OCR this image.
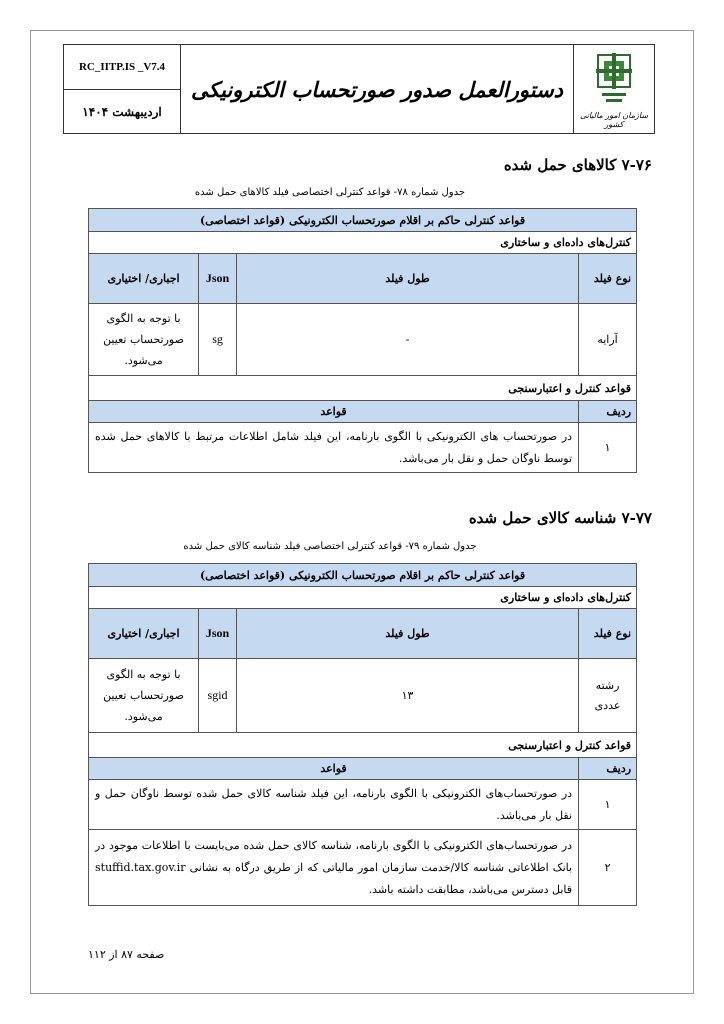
RC_IITP.IS _V7.4
اردیبهشت ۱۴۰۴
دستورالعمل صدور صورتحساب الکترونیکی
سازمان امور مالیاتی کشور
۷-۷۶ کالاهای حمل شده
جدول شماره ۷۸- قواعد کنترلی اختصاصی فیلد کالاهای حمل شده
قواعد کنترلی حاکم بر اقلام صورتحساب الکترونیکی (قواعد اختصاصی)			
کنترل‌های داده‌ای و ساختاری			
نوع فیلد	طول فیلد	Json	اجباری/ اختیاری
آرایه	-	sg	با توجه به الگوی صورتحساب تعیین می‌شود.
قواعد کنترل و اعتبارسنجی			
ردیف	قواعد		
۱	در صورتحساب های الکترونیکی با الگوی بارنامه، این فیلد شامل اطلاعات مرتبط با کالاهای حمل شده توسط ناوگان حمل و نقل بار می‌باشد.		
۷-۷۷ شناسه کالای حمل شده
جدول شماره ۷۹- قواعد کنترلی اختصاصی فیلد شناسه کالای حمل شده
قواعد کنترلی حاکم بر اقلام صورتحساب الکترونیکی (قواعد اختصاصی)			
کنترل‌های داده‌ای و ساختاری			
نوع فیلد	طول فیلد	Json	اجباری/ اختیاری
رشته عددی	۱۳	sgid	با توجه به الگوی صورتحساب تعیین می‌شود.
قواعد کنترل و اعتبارسنجی			
ردیف	قواعد		
۱	در صورتحساب‌های الکترونیکی با الگوی بارنامه، این فیلد شناسه کالای حمل شده توسط ناوگان حمل و نقل بار می‌باشد.		
۲	در صورتحساب‌های الکترونیکی با الگوی بارنامه، شناسه کالای حمل شده می‌بایست با اطلاعات موجود در بانک اطلاعاتی شناسه کالا/خدمت سازمان امور مالیاتی که از طریق درگاه به نشانی stuffid.tax.gov.ir قابل دسترس می‌باشد، مطابقت داشته باشد.		
صفحه ۸۷ از ۱۱۲
